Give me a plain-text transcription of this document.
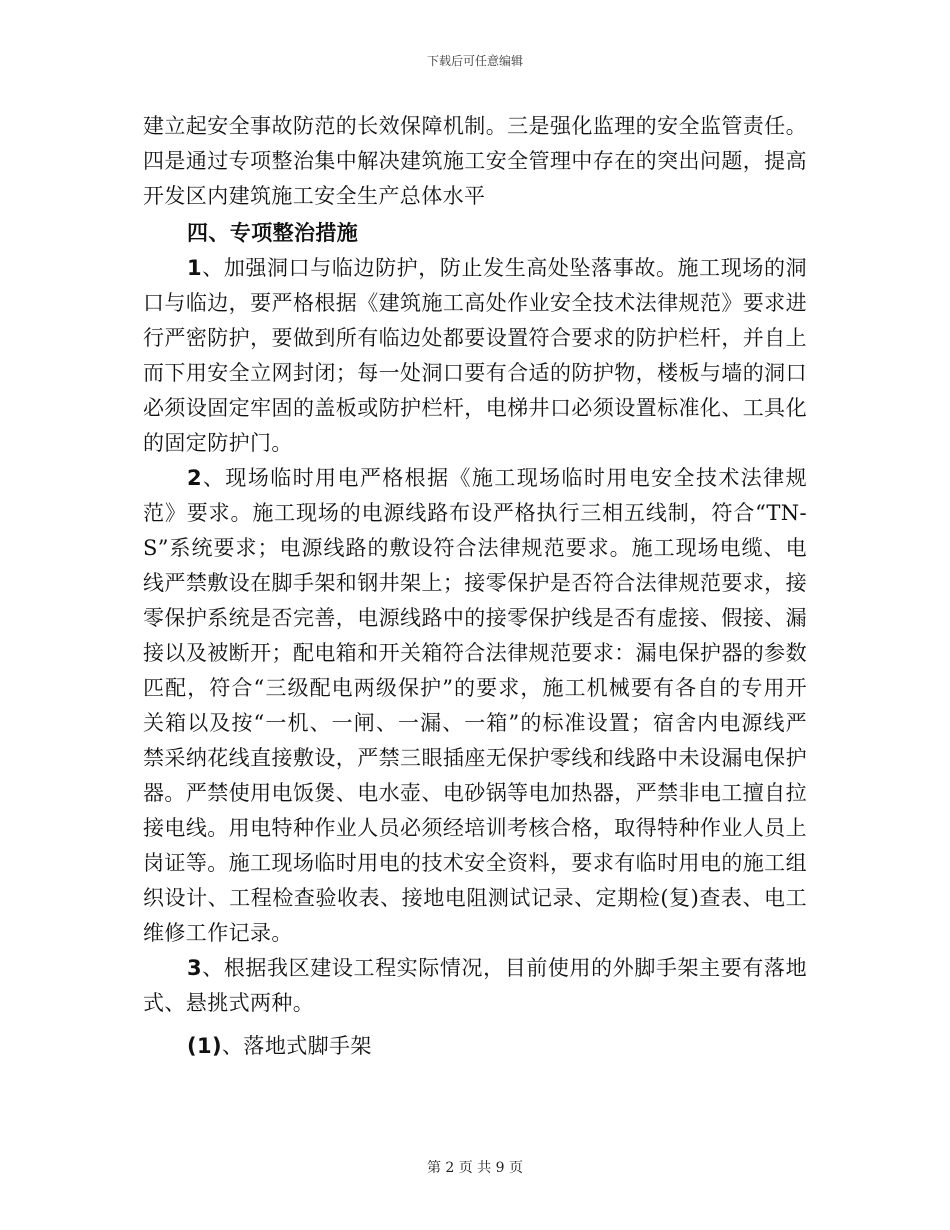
下载后可任意编辑

建立起安全事故防范的长效保障机制。三是强化监理的安全监管责任。四是通过专项整治集中解决建筑施工安全管理中存在的突出问题，提高开发区内建筑施工安全生产总体水平

四、专项整治措施

1、加强洞口与临边防护，防止发生高处坠落事故。施工现场的洞口与临边，要严格根据《建筑施工高处作业安全技术法律规范》要求进行严密防护，要做到所有临边处都要设置符合要求的防护栏杆，并自上而下用安全立网封闭；每一处洞口要有合适的防护物，楼板与墙的洞口必须设固定牢固的盖板或防护栏杆，电梯井口必须设置标准化、工具化的固定防护门。

2、现场临时用电严格根据《施工现场临时用电安全技术法律规范》要求。施工现场的电源线路布设严格执行三相五线制，符合“TN-S”系统要求；电源线路的敷设符合法律规范要求。施工现场电缆、电线严禁敷设在脚手架和钢井架上；接零保护是否符合法律规范要求，接零保护系统是否完善，电源线路中的接零保护线是否有虚接、假接、漏接以及被断开；配电箱和开关箱符合法律规范要求：漏电保护器的参数匹配，符合“三级配电两级保护”的要求，施工机械要有各自的专用开关箱以及按“一机、一闸、一漏、一箱”的标准设置；宿舍内电源线严禁采纳花线直接敷设，严禁三眼插座无保护零线和线路中未设漏电保护器。严禁使用电饭煲、电水壶、电砂锅等电加热器，严禁非电工擅自拉接电线。用电特种作业人员必须经培训考核合格，取得特种作业人员上岗证等。施工现场临时用电的技术安全资料，要求有临时用电的施工组织设计、工程检查验收表、接地电阻测试记录、定期检(复)查表、电工维修工作记录。

3、根据我区建设工程实际情况，目前使用的外脚手架主要有落地式、悬挑式两种。

(1)、落地式脚手架

第 2 页 共 9 页
